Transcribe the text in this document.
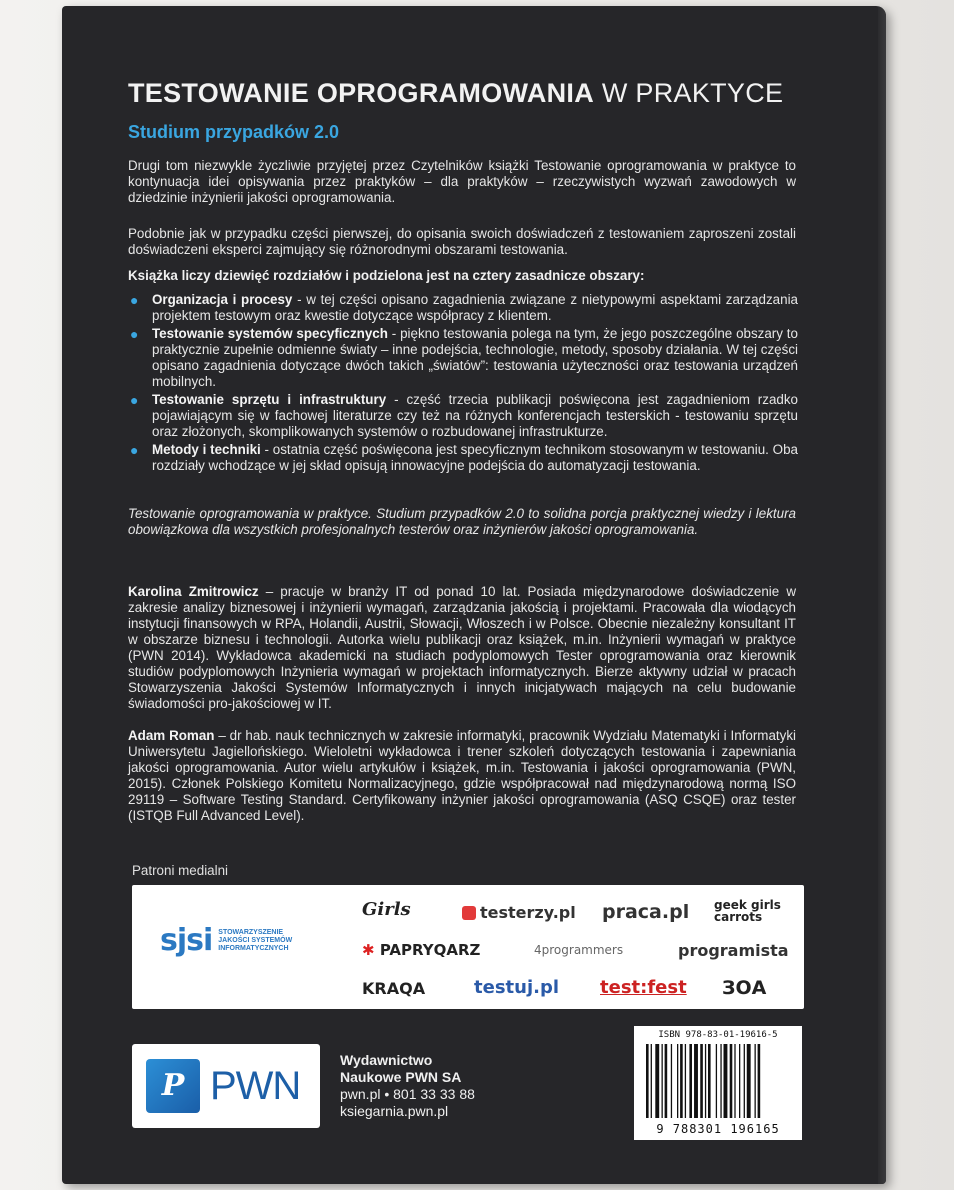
TESTOWANIE OPROGRAMOWANIA W PRAKTYCE
Studium przypadków 2.0
Drugi tom niezwykle życzliwie przyjętej przez Czytelników książki Testowanie oprogramowania w praktyce to kontynuacja idei opisywania przez praktyków – dla praktyków – rzeczywistych wyzwań zawodowych w dziedzinie inżynierii jakości oprogramowania.
Podobnie jak w przypadku części pierwszej, do opisania swoich doświadczeń z testowaniem zaproszeni zostali doświadczeni eksperci zajmujący się różnorodnymi obszarami testowania.
Książka liczy dziewięć rozdziałów i podzielona jest na cztery zasadnicze obszary:
● Organizacja i procesy - w tej części opisano zagadnienia związane z nietypowymi aspektami zarządzania projektem testowym oraz kwestie dotyczące współpracy z klientem.
● Testowanie systemów specyficznych - piękno testowania polega na tym, że jego poszczególne obszary to praktycznie zupełnie odmienne światy – inne podejścia, technologie, metody, sposoby działania. W tej części opisano zagadnienia dotyczące dwóch takich „światów”: testowania użyteczności oraz testowania urządzeń mobilnych.
● Testowanie sprzętu i infrastruktury - część trzecia publikacji poświęcona jest zagadnieniom rzadko pojawiającym się w fachowej literaturze czy też na różnych konferencjach testerskich - testowaniu sprzętu oraz złożonych, skomplikowanych systemów o rozbudowanej infrastrukturze.
● Metody i techniki - ostatnia część poświęcona jest specyficznym technikom stosowanym w testowaniu. Oba rozdziały wchodzące w jej skład opisują innowacyjne podejścia do automatyzacji testowania.
Testowanie oprogramowania w praktyce. Studium przypadków 2.0 to solidna porcja praktycznej wiedzy i lektura obowiązkowa dla wszystkich profesjonalnych testerów oraz inżynierów jakości oprogramowania.
Karolina Zmitrowicz – pracuje w branży IT od ponad 10 lat. Posiada międzynarodowe doświadczenie w zakresie analizy biznesowej i inżynierii wymagań, zarządzania jakością i projektami. Pracowała dla wiodących instytucji finansowych w RPA, Holandii, Austrii, Słowacji, Włoszech i w Polsce. Obecnie niezależny konsultant IT w obszarze biznesu i technologii. Autorka wielu publikacji oraz książek, m.in. Inżynierii wymagań w praktyce (PWN 2014). Wykładowca akademicki na studiach podyplomowych Tester oprogramowania oraz kierownik studiów podyplomowych Inżynieria wymagań w projektach informatycznych. Bierze aktywny udział w pracach Stowarzyszenia Jakości Systemów Informatycznych i innych inicjatywach mających na celu budowanie świadomości pro-jakościowej w IT.
Adam Roman – dr hab. nauk technicznych w zakresie informatyki, pracownik Wydziału Matematyki i Informatyki Uniwersytetu Jagiellońskiego. Wieloletni wykładowca i trener szkoleń dotyczących testowania i zapewniania jakości oprogramowania. Autor wielu artykułów i książek, m.in. Testowania i jakości oprogramowania (PWN, 2015). Członek Polskiego Komitetu Normalizacyjnego, gdzie współpracował nad międzynarodową normą ISO 29119 – Software Testing Standard. Certyfikowany inżynier jakości oprogramowania (ASQ CSQE) oraz tester (ISTQB Full Advanced Level).
Patroni medialni
sjsi STOWARZYSZENIE JAKOŚCI SYSTEMÓW INFORMATYCZNYCH
Girls	testerzy.pl praca.pl geek girls carrots
✱ PAPRYQARZ	4programmers	programista
KRAQA	testuj.pl test:fest ЗОА
P PWN
Wydawnictwo
Naukowe PWN SA
pwn.pl • 801 33 33 88
ksiegarnia.pwn.pl
ISBN 978-83-01-19616-5
9 788301 196165
